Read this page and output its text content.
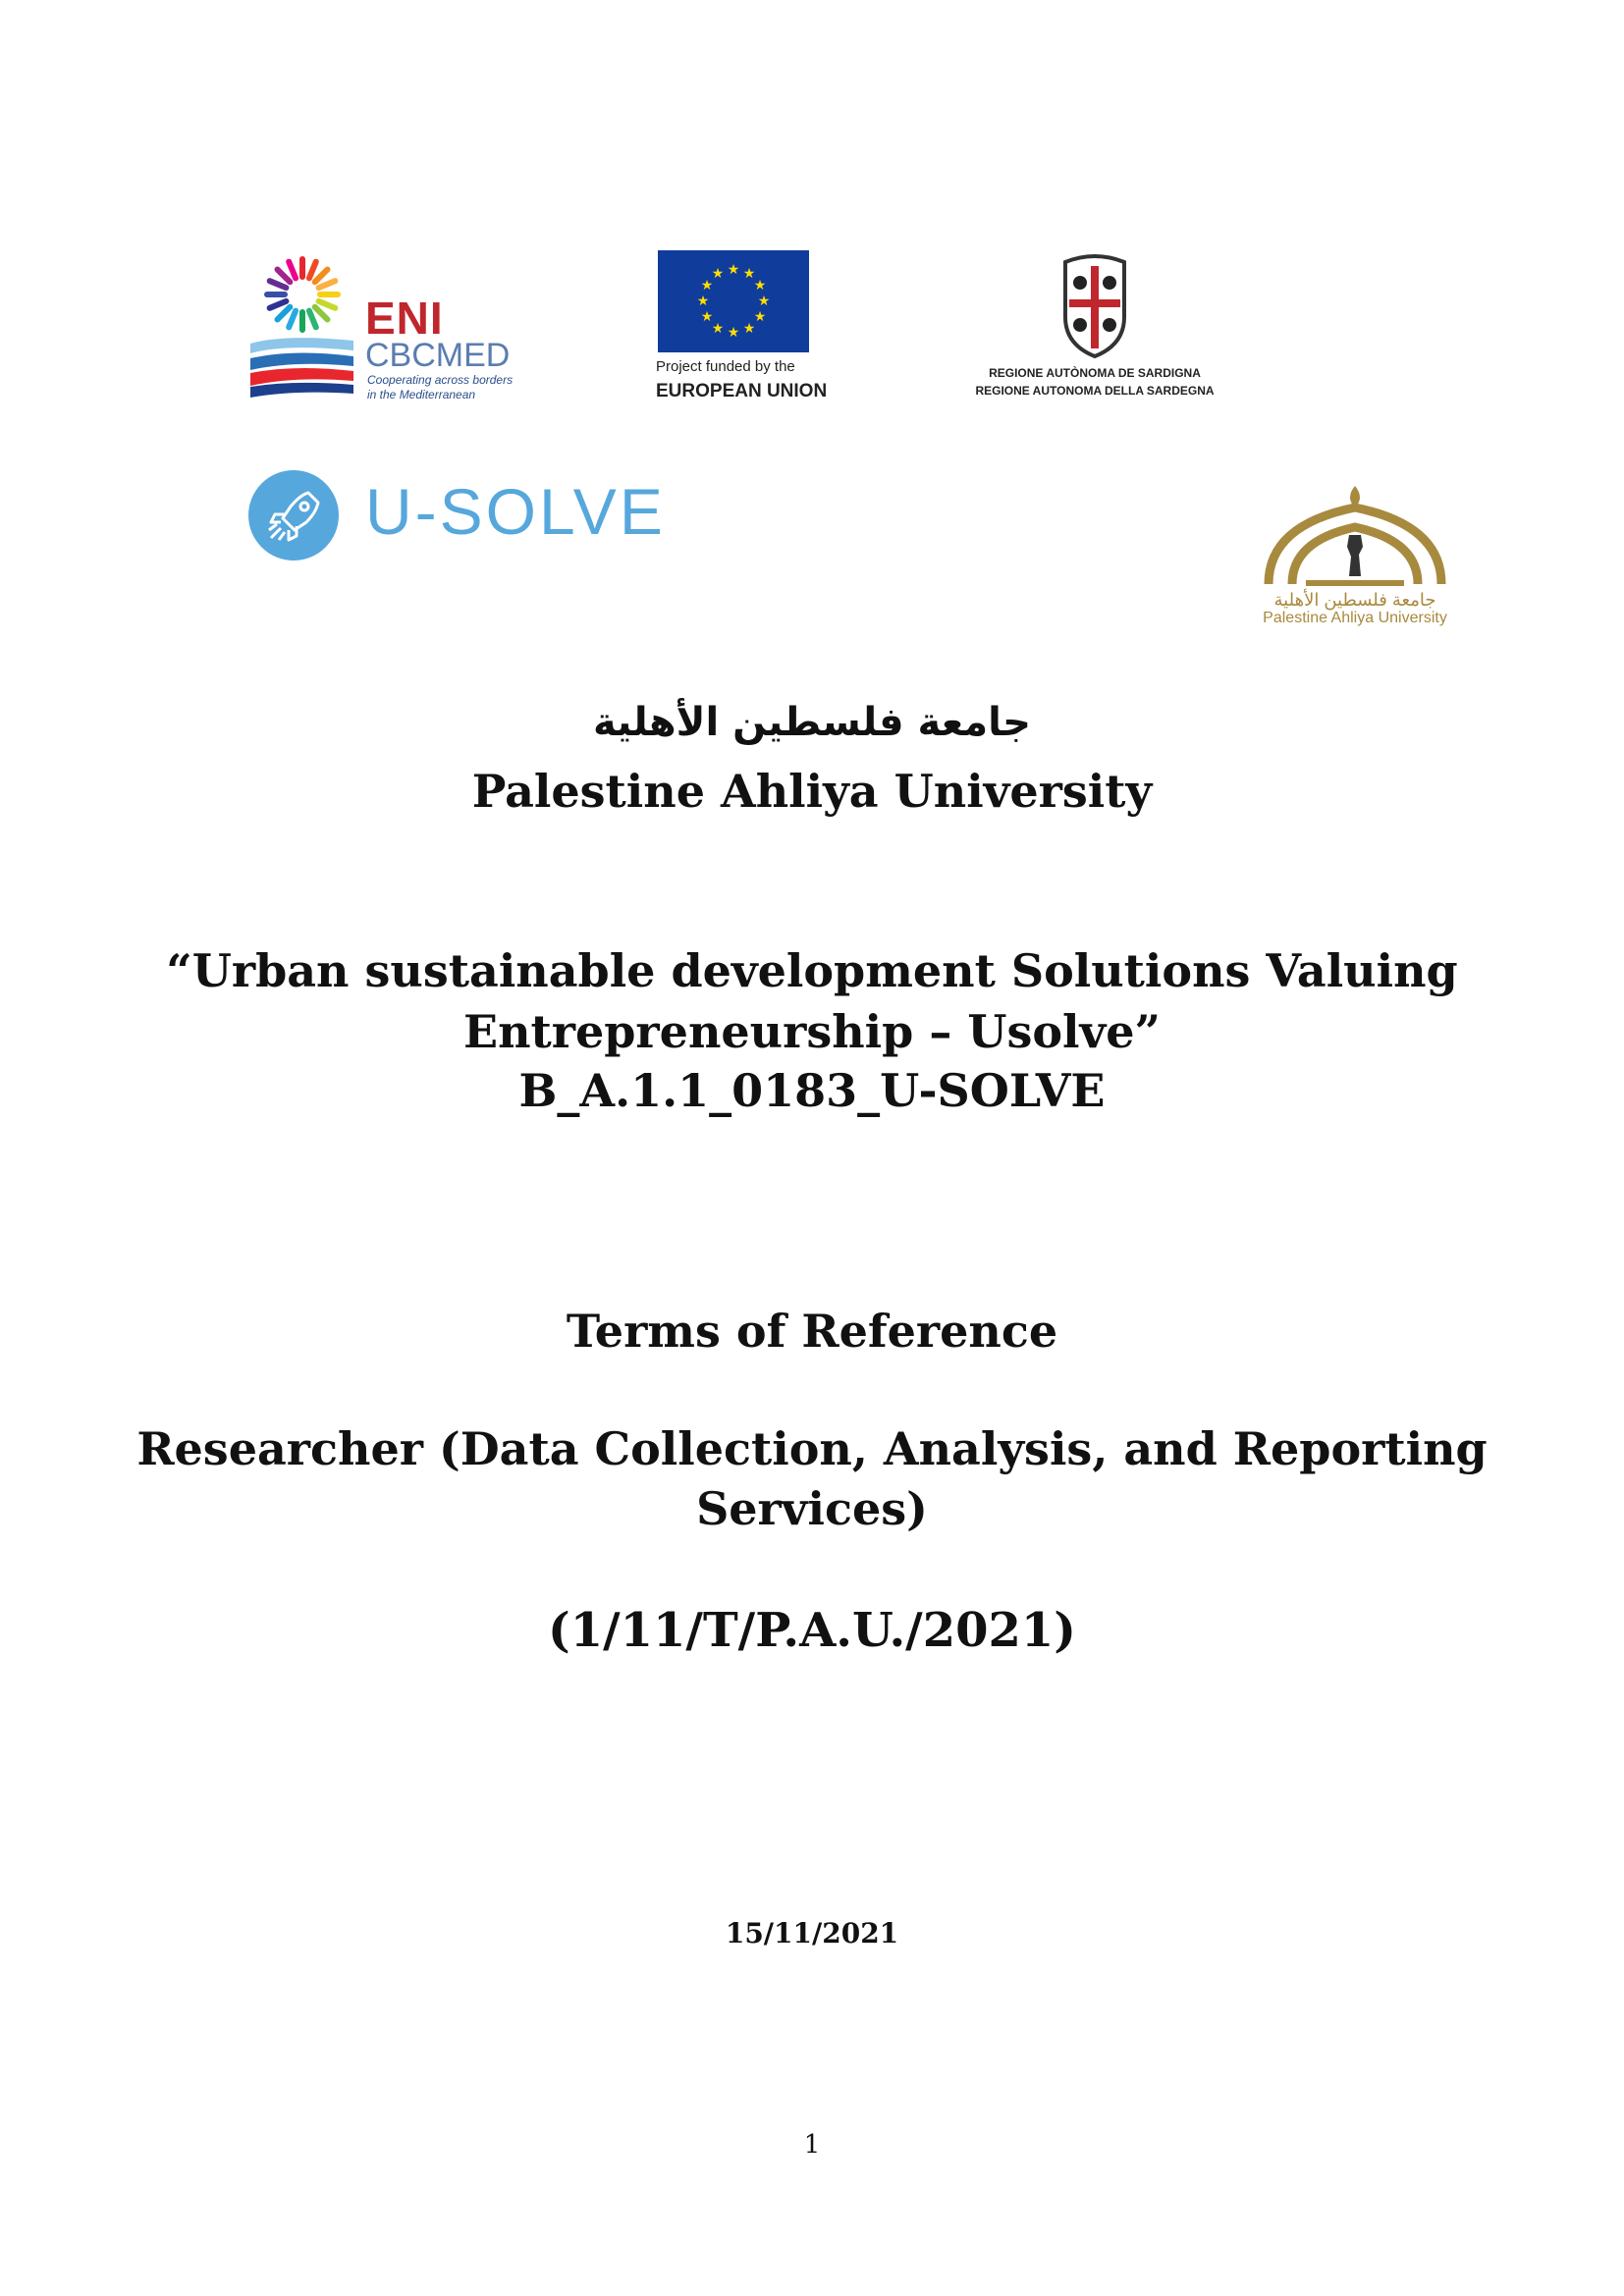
ENI
CBCMED
Cooperating across borders
in the Mediterranean
★ ★
★
★
★
★
★
★
★
★
★
★
Project funded by the
EUROPEAN UNION
REGIONE AUTÒNOMA DE SARDIGNA
REGIONE AUTONOMA DELLA SARDEGNA
U-SOLVE
جامعة فلسطين الأهلية
Palestine Ahliya University
جامعة فلسطين الأهلية
Palestine Ahliya University
“Urban sustainable development Solutions Valuing
Entrepreneurship – Usolve”
B_A.1.1_0183_U-SOLVE
Terms of Reference
Researcher (Data Collection, Analysis, and Reporting
Services)
(1/11/T/P.A.U./2021)
15/11/2021
1
